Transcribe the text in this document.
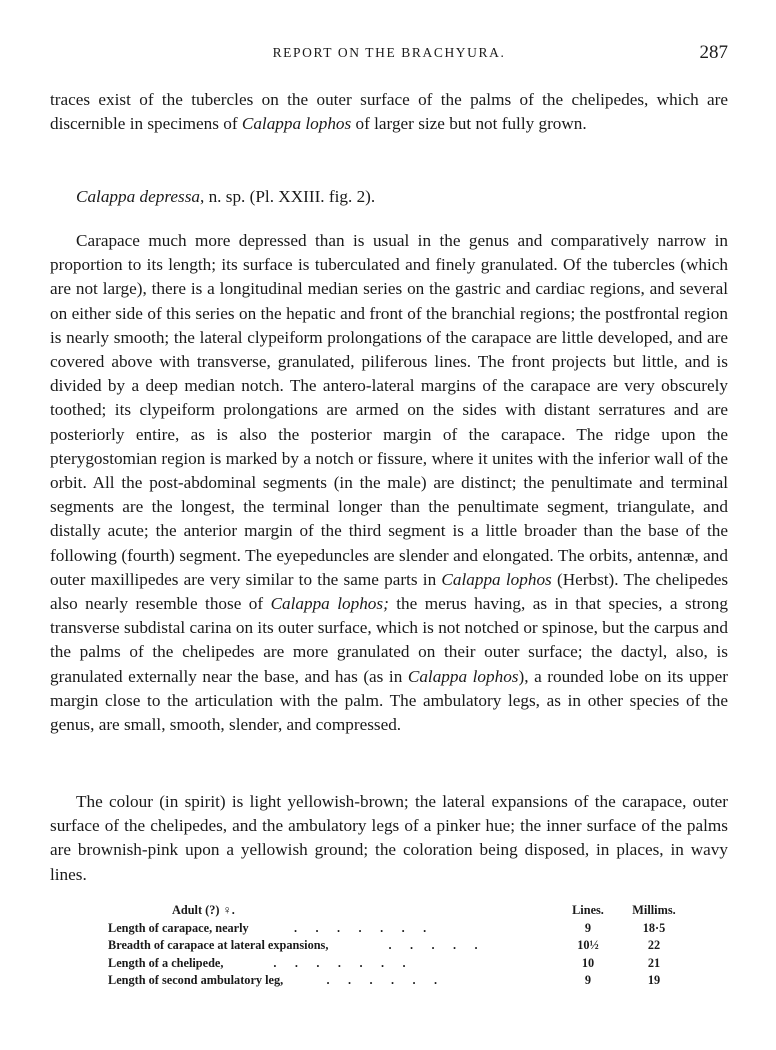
REPORT ON THE BRACHYURA.	287

traces exist of the tubercles on the outer surface of the palms of the chelipedes, which are discernible in specimens of Calappa lophos of larger size but not fully grown.

Calappa depressa, n. sp. (Pl. XXIII. fig. 2).

Carapace much more depressed than is usual in the genus and comparatively narrow in proportion to its length; its surface is tuberculated and finely granulated. Of the tubercles (which are not large), there is a longitudinal median series on the gastric and cardiac regions, and several on either side of this series on the hepatic and front of the branchial regions; the postfrontal region is nearly smooth; the lateral clypeiform prolongations of the carapace are little developed, and are covered above with transverse, granulated, piliferous lines. The front projects but little, and is divided by a deep median notch. The antero-lateral margins of the carapace are very obscurely toothed; its clypeiform prolongations are armed on the sides with distant serratures and are posteriorly entire, as is also the posterior margin of the carapace. The ridge upon the pterygostomian region is marked by a notch or fissure, where it unites with the inferior wall of the orbit. All the post-abdominal segments (in the male) are distinct; the penultimate and terminal segments are the longest, the terminal longer than the penultimate segment, triangulate, and distally acute; the anterior margin of the third segment is a little broader than the base of the following (fourth) segment. The eyepeduncles are slender and elongated. The orbits, antennæ, and outer maxillipedes are very similar to the same parts in Calappa lophos (Herbst). The chelipedes also nearly resemble those of Calappa lophos; the merus having, as in that species, a strong transverse subdistal carina on its outer surface, which is not notched or spinose, but the carpus and the palms of the chelipedes are more granulated on their outer surface; the dactyl, also, is granulated externally near the base, and has (as in Calappa lophos), a rounded lobe on its upper margin close to the articulation with the palm. The ambulatory legs, as in other species of the genus, are small, smooth, slender, and compressed.

The colour (in spirit) is light yellowish-brown; the lateral expansions of the carapace, outer surface of the chelipedes, and the ambulatory legs of a pinker hue; the inner surface of the palms are brownish-pink upon a yellowish ground; the coloration being disposed, in places, in wavy lines.

Adult (?) ♀.	Lines.	Millims.
Length of carapace, nearly	.      .      .      .      .      .      .	9	18·5
Breadth of carapace at lateral expansions,	.      .      .      .      .	10½	22
Length of a chelipede,	.      .      .      .      .      .      .	10	21
Length of second ambulatory leg, .      .      .      .      .      .	9	19
